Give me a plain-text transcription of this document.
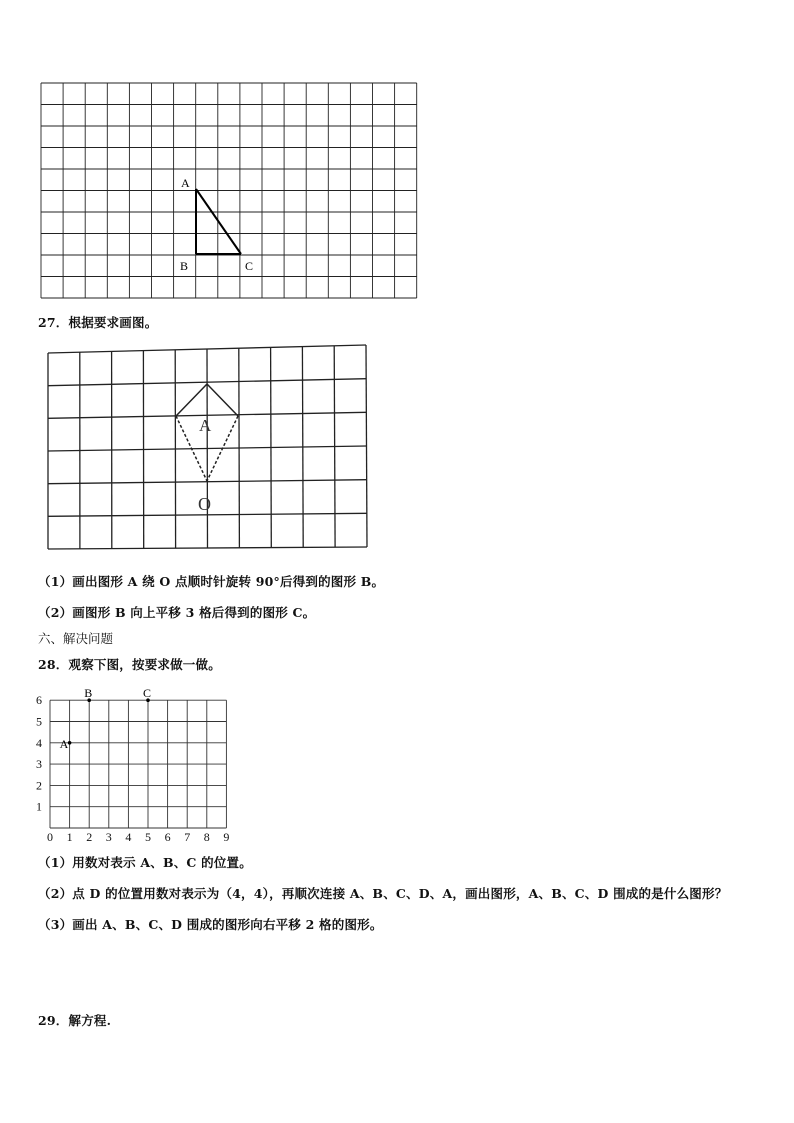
A
B	C
27．根据要求画图。
A
O
（1）画出图形 A 绕 O 点顺时针旋转 90°后得到的图形 B。
（2）画图形 B 向上平移 3 格后得到的图形 C。
六、解决问题
28．观察下图，按要求做一做。
6
5
4
3
2
1
0 1 2 3 4 5 6 7 8 9
A
B	C
（1）用数对表示 A、B、C 的位置。
（2）点 D 的位置用数对表示为（4，4），再顺次连接 A、B、C、D、A，画出图形，A、B、C、D 围成的是什么图形？
（3）画出 A、B、C、D 围成的图形向右平移 2 格的图形。
29．解方程.
